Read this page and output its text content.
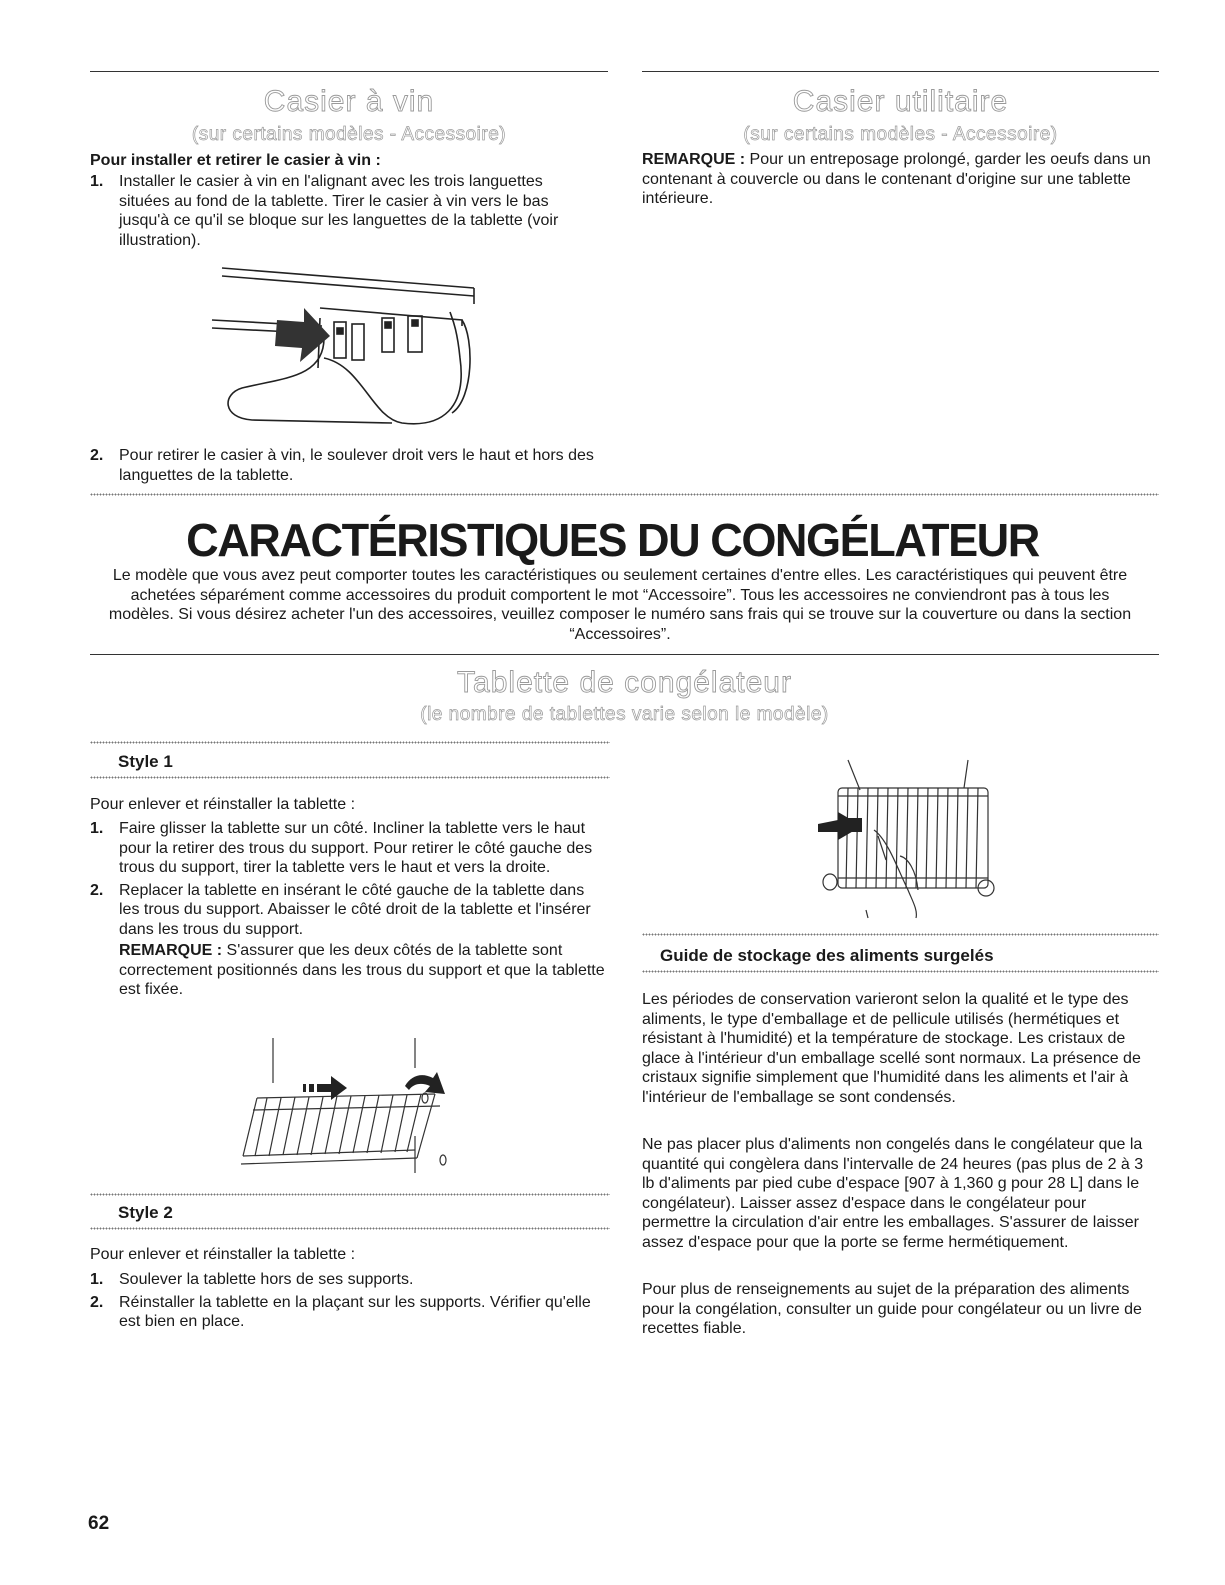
Casier à vin
(sur certains modèles - Accessoire)
Pour installer et retirer le casier à vin :
1. Installer le casier à vin en l'alignant avec les trois languettes situées au fond de la tablette. Tirer le casier à vin vers le bas jusqu'à ce qu'il se bloque sur les languettes de la tablette (voir illustration).
2. Pour retirer le casier à vin, le soulever droit vers le haut et hors des languettes de la tablette.
Casier utilitaire
(sur certains modèles - Accessoire)
REMARQUE : Pour un entreposage prolongé, garder les oeufs dans un contenant à couvercle ou dans le contenant d'origine sur une tablette intérieure.
CARACTÉRISTIQUES DU CONGÉLATEUR
Le modèle que vous avez peut comporter toutes les caractéristiques ou seulement certaines d'entre elles. Les caractéristiques qui peuvent être achetées séparément comme accessoires du produit comportent le mot “Accessoire”. Tous les accessoires ne conviendront pas à tous les modèles. Si vous désirez acheter l'un des accessoires, veuillez composer le numéro sans frais qui se trouve sur la couverture ou dans la section “Accessoires”.
Tablette de congélateur
(le nombre de tablettes varie selon le modèle)
Style 1
Pour enlever et réinstaller la tablette :
1. Faire glisser la tablette sur un côté. Incliner la tablette vers le haut pour la retirer des trous du support. Pour retirer le côté gauche des trous du support, tirer la tablette vers le haut et vers la droite.
2. Replacer la tablette en insérant le côté gauche de la tablette dans les trous du support. Abaisser le côté droit de la tablette et l'insérer dans les trous du support.
REMARQUE : S'assurer que les deux côtés de la tablette sont correctement positionnés dans les trous du support et que la tablette est fixée.
Style 2
Pour enlever et réinstaller la tablette :
1. Soulever la tablette hors de ses supports.
2. Réinstaller la tablette en la plaçant sur les supports. Vérifier qu'elle est bien en place.
Guide de stockage des aliments surgelés
Les périodes de conservation varieront selon la qualité et le type des aliments, le type d'emballage et de pellicule utilisés (hermétiques et résistant à l'humidité) et la température de stockage. Les cristaux de glace à l'intérieur d'un emballage scellé sont normaux. La présence de cristaux signifie simplement que l'humidité dans les aliments et l'air à l'intérieur de l'emballage se sont condensés.
Ne pas placer plus d'aliments non congelés dans le congélateur que la quantité qui congèlera dans l'intervalle de 24 heures (pas plus de 2 à 3 lb d'aliments par pied cube d'espace [907 à 1,360 g pour 28 L] dans le congélateur). Laisser assez d'espace dans le congélateur pour permettre la circulation d'air entre les emballages. S'assurer de laisser assez d'espace pour que la porte se ferme hermétiquement.
Pour plus de renseignements au sujet de la préparation des aliments pour la congélation, consulter un guide pour congélateur ou un livre de recettes fiable.
62
